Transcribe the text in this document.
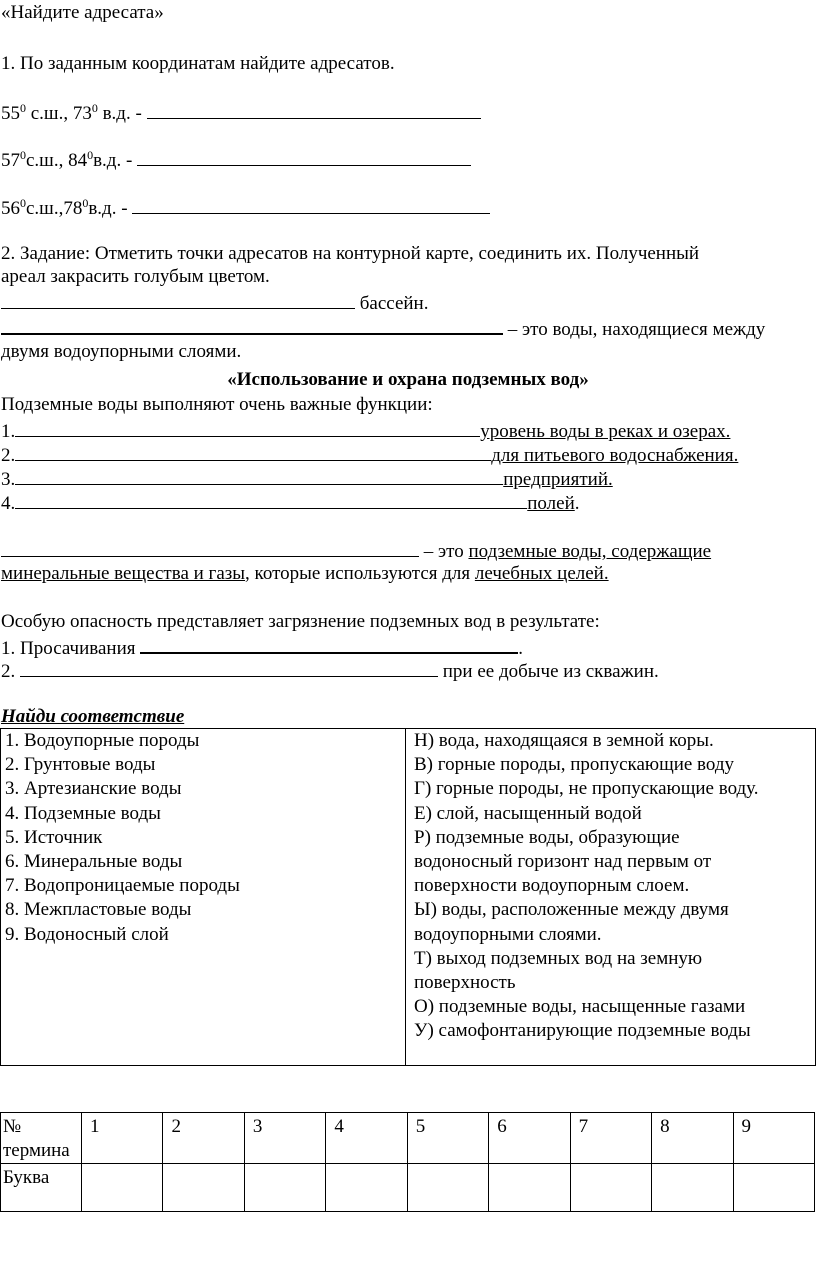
«Найдите адресата»
1. По заданным координатам найдите адресатов.
$55^0$ с.ш., $73^0$ в.д. -
$57^0с.ш$., $84^0в.д$. -
$56^0с.ш.,78^0в.д$. -
2. Задание: Отметить точки адресатов на контурной карте, соединить их. Полученный
ареал закрасить голубым цветом.
бассейн.
– это воды, находящиеся между
двумя водоупорными слоями.
«Использование и охрана подземных вод»
Подземные воды выполняют очень важные функции:
1.	уровень воды в реках и озерах.
2.	для питьевого водоснабжения.
3.	предприятий.
4.	полей.
– это подземные воды, содержащие
минеральные вещества и газы, которые используются для лечебных целей.
Особую опасность представляет загрязнение подземных вод в результате:
1. Просачивания	.
2.	при ее добыче из скважин.
Найди соответствие
1. Водоупорные породы
2. Грунтовые воды
3. Артезианские воды
4. Подземные воды
5. Источник
6. Минеральные воды
7. Водопроницаемые породы
8. Межпластовые воды
9. Водоносный слой

Н) вода, находящаяся в земной коры.
В) горные породы, пропускающие воду
Г) горные породы, не пропускающие воду.
Е) слой, насыщенный водой
Р) подземные воды, образующие
водоносный горизонт над первым от
поверхности водоупорным слоем.
Ы) воды, расположенные между двумя
водоупорными слоями.
Т) выход подземных вод на земную
поверхность
О) подземные воды, насыщенные газами
У) самофонтанирующие подземные воды
№
термина	1	2	3	4	5	6	7	8	9
Буква									
